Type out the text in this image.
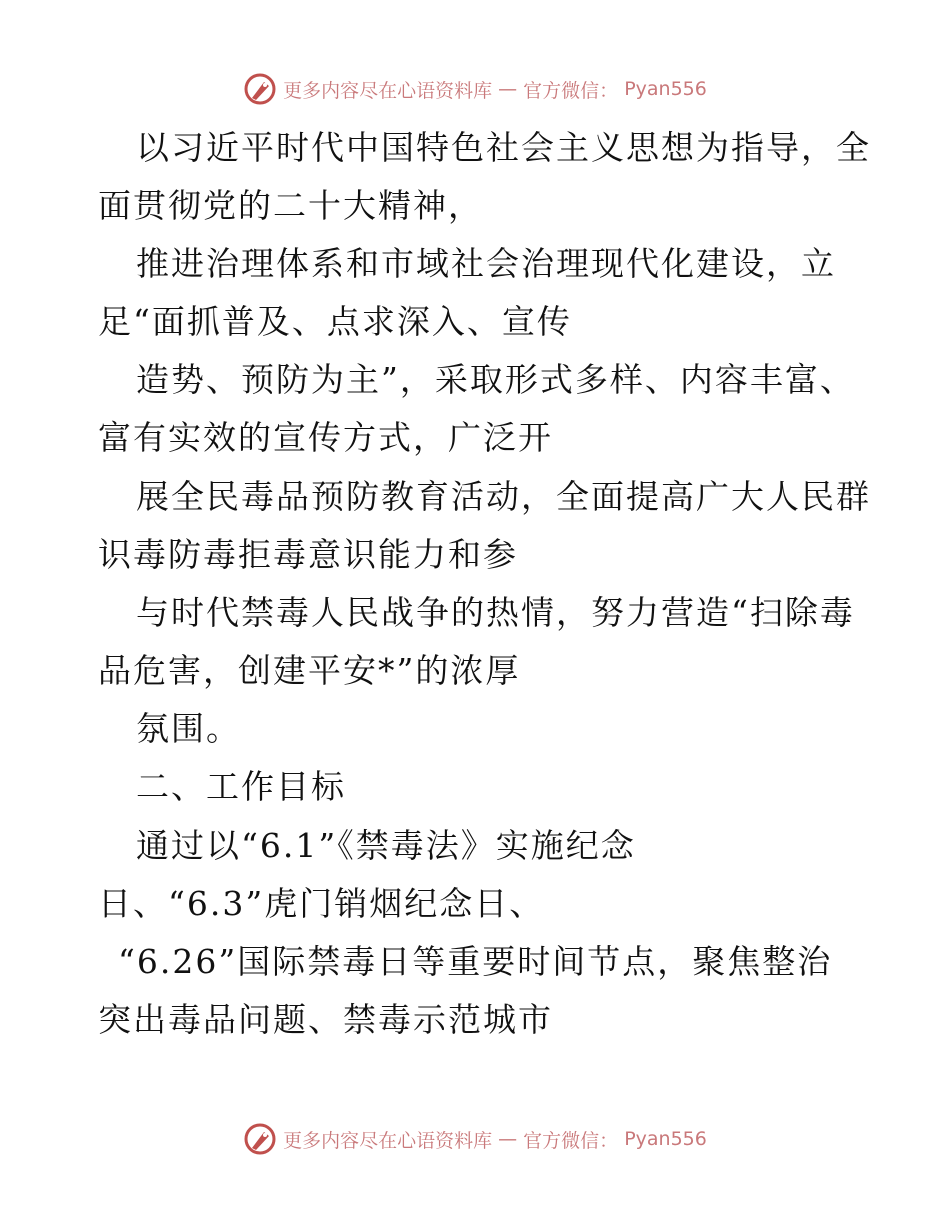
更多内容尽在心语资料库 — 官方微信： Pyan556
以习近平时代中国特色社会主义思想为指导，全
面贯彻党的二十大精神，
推进治理体系和市域社会治理现代化建设，立
足“面抓普及、点求深入、宣传
造势、预防为主”，采取形式多样、内容丰富、
富有实效的宣传方式，广泛开
展全民毒品预防教育活动，全面提高广大人民群
识毒防毒拒毒意识能力和参
与时代禁毒人民战争的热情，努力营造“扫除毒
品危害，创建平安*”的浓厚
氛围。
二、工作目标
通过以“6.1”《禁毒法》实施纪念
日、“6.3”虎门销烟纪念日、
“6.26”国际禁毒日等重要时间节点，聚焦整治
突出毒品问题、禁毒示范城市
更多内容尽在心语资料库 — 官方微信： Pyan556
